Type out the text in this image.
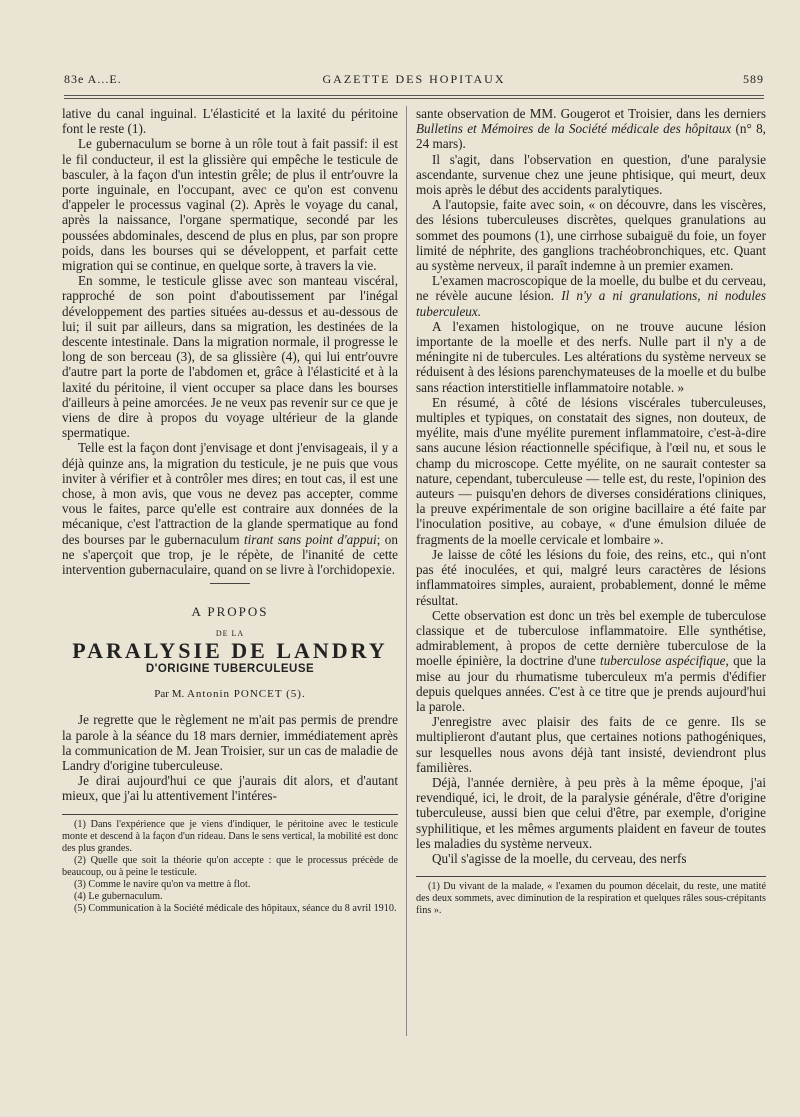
83e A...E.	GAZETTE DES HOPITAUX	589

lative du canal inguinal. L'élasticité et la laxité du péritoine font le reste (1).

Le gubernaculum se borne à un rôle tout à fait passif: il est le fil conducteur, il est la glissière qui empêche le testicule de basculer, à la façon d'un intestin grêle; de plus il entr'ouvre la porte inguinale, en l'occupant, avec ce qu'on est convenu d'appeler le processus vaginal (2). Après le voyage du canal, après la naissance, l'organe spermatique, secondé par les poussées abdominales, descend de plus en plus, par son propre poids, dans les bourses qui se développent, et parfait cette migration qui se continue, en quelque sorte, à travers la vie.

En somme, le testicule glisse avec son manteau viscéral, rapproché de son point d'aboutissement par l'inégal développement des parties situées au-dessus et au-dessous de lui; il suit par ailleurs, dans sa migration, les destinées de la descente intestinale. Dans la migration normale, il progresse le long de son berceau (3), de sa glissière (4), qui lui entr'ouvre d'autre part la porte de l'abdomen et, grâce à l'élasticité et à la laxité du péritoine, il vient occuper sa place dans les bourses d'ailleurs à peine amorcées. Je ne veux pas revenir sur ce que je viens de dire à propos du voyage ultérieur de la glande spermatique.

Telle est la façon dont j'envisage et dont j'envisageais, il y a déjà quinze ans, la migration du testicule, je ne puis que vous inviter à vérifier et à contrôler mes dires; en tout cas, il est une chose, à mon avis, que vous ne devez pas accepter, comme vous le faites, parce qu'elle est contraire aux données de la mécanique, c'est l'attraction de la glande spermatique au fond des bourses par le gubernaculum tirant sans point d'appui; on ne s'aperçoit que trop, je le répète, de l'inanité de cette intervention gubernaculaire, quand on se livre à l'orchidopexie.

A PROPOS
DE LA
PARALYSIE DE LANDRY
D'ORIGINE TUBERCULEUSE
Par M. Antonin PONCET (5).

Je regrette que le règlement ne m'ait pas permis de prendre la parole à la séance du 18 mars dernier, immédiatement après la communication de M. Jean Troisier, sur un cas de maladie de Landry d'origine tuberculeuse.

Je dirai aujourd'hui ce que j'aurais dit alors, et d'autant mieux, que j'ai lu attentivement l'intéres-

(1) Dans l'expérience que je viens d'indiquer, le péritoine avec le testicule monte et descend à la façon d'un rideau. Dans le sens vertical, la mobilité est donc des plus grandes.

(2) Quelle que soit la théorie qu'on accepte : que le processus précède de beaucoup, ou à peine le testicule.

(3) Comme le navire qu'on va mettre à flot.

(4) Le gubernaculum.

(5) Communication à la Société médicale des hôpitaux, séance du 8 avril 1910.

sante observation de MM. Gougerot et Troisier, dans les derniers Bulletins et Mémoires de la Société médicale des hôpitaux (n° 8, 24 mars).

Il s'agit, dans l'observation en question, d'une paralysie ascendante, survenue chez une jeune phtisique, qui meurt, deux mois après le début des accidents paralytiques.

A l'autopsie, faite avec soin, « on découvre, dans les viscères, des lésions tuberculeuses discrètes, quelques granulations au sommet des poumons (1), une cirrhose subaiguë du foie, un foyer limité de néphrite, des ganglions trachéobronchiques, etc. Quant au système nerveux, il paraît indemne à un premier examen.

L'examen macroscopique de la moelle, du bulbe et du cerveau, ne révèle aucune lésion. Il n'y a ni granulations, ni nodules tuberculeux.

A l'examen histologique, on ne trouve aucune lésion importante de la moelle et des nerfs. Nulle part il n'y a de méningite ni de tubercules. Les altérations du système nerveux se réduisent à des lésions parenchymateuses de la moelle et du bulbe sans réaction interstitielle inflammatoire notable. »

En résumé, à côté de lésions viscérales tuberculeuses, multiples et typiques, on constatait des signes, non douteux, de myélite, mais d'une myélite purement inflammatoire, c'est-à-dire sans aucune lésion réactionnelle spécifique, à l'œil nu, et sous le champ du microscope. Cette myélite, on ne saurait contester sa nature, cependant, tuberculeuse — telle est, du reste, l'opinion des auteurs — puisqu'en dehors de diverses considérations cliniques, la preuve expérimentale de son origine bacillaire a été faite par l'inoculation positive, au cobaye, « d'une émulsion diluée de fragments de la moelle cervicale et lombaire ».

Je laisse de côté les lésions du foie, des reins, etc., qui n'ont pas été inoculées, et qui, malgré leurs caractères de lésions inflammatoires simples, auraient, probablement, donné le même résultat.

Cette observation est donc un très bel exemple de tuberculose classique et de tuberculose inflammatoire. Elle synthétise, admirablement, à propos de cette dernière tuberculose de la moelle épinière, la doctrine d'une tuberculose aspécifique, que la mise au jour du rhumatisme tuberculeux m'a permis d'édifier depuis quelques années. C'est à ce titre que je prends aujourd'hui la parole.

J'enregistre avec plaisir des faits de ce genre. Ils se multiplieront d'autant plus, que certaines notions pathogéniques, sur lesquelles nous avons déjà tant insisté, deviendront plus familières.

Déjà, l'année dernière, à peu près à la même époque, j'ai revendiqué, ici, le droit, de la paralysie générale, d'être d'origine tuberculeuse, aussi bien que celui d'être, par exemple, d'origine syphilitique, et les mêmes arguments plaident en faveur de toutes les maladies du système nerveux.

Qu'il s'agisse de la moelle, du cerveau, des nerfs

(1) Du vivant de la malade, « l'examen du poumon décelait, du reste, une matité des deux sommets, avec diminution de la respiration et quelques râles sous-crépitants fins ».
